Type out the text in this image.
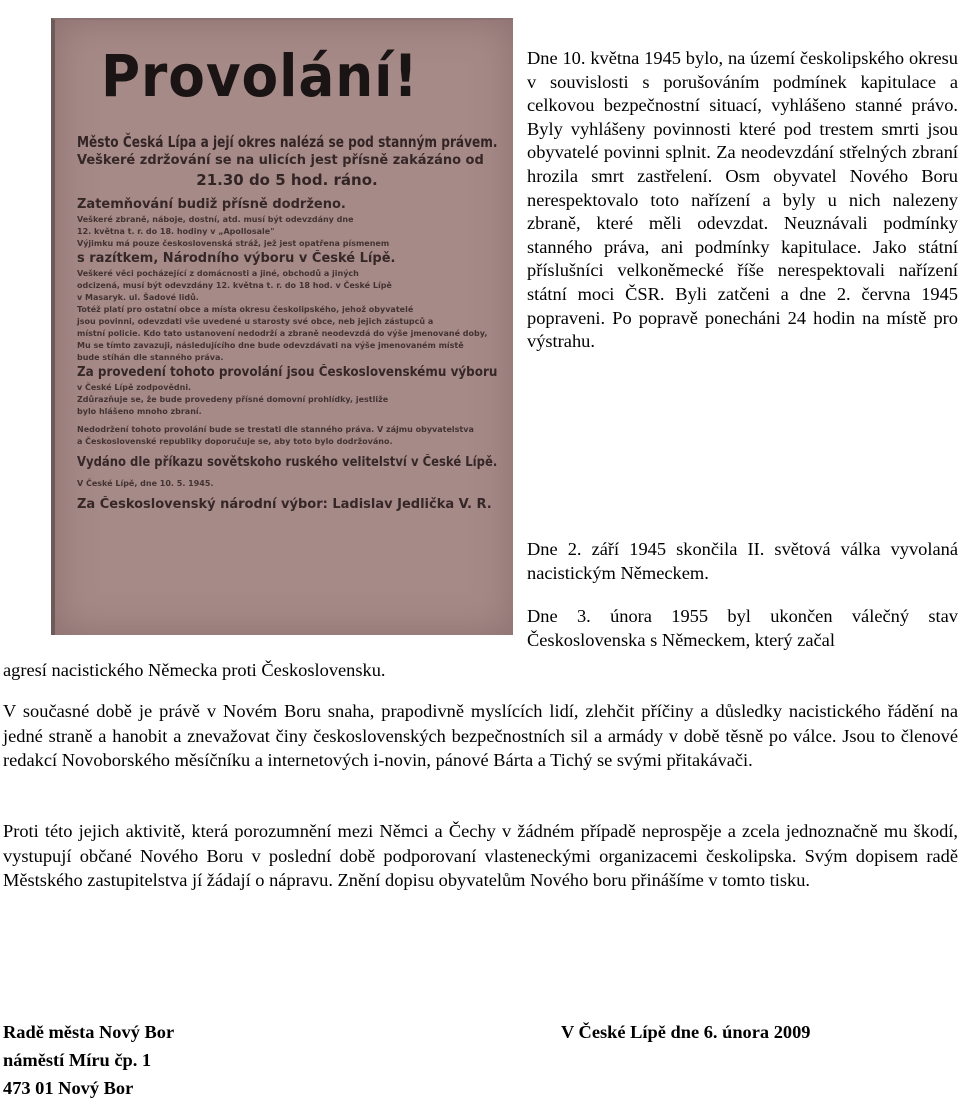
Provolání!
Město Česká Lípa a její okres nalézá se pod stanným právem.
Veškeré zdržování se na ulicích jest přísně zakázáno od
21.30 do 5 hod. ráno.
Zatemňování budiž přísně dodrženo.
Veškeré zbraně, náboje, dostní, atd. musí být odevzdány dne
12. května t. r. do 18. hodiny v „Apollosale"
Výjimku má pouze československá stráž, jež jest opatřena písmenem
s razítkem, Národního výboru v České Lípě.
Veškeré věci pocházející z domácnosti a jiné, obchodů a jiných
odcizená, musí být odevzdány 12. května t. r. do 18 hod. v České Lípě
v Masaryk. ul. Šadové lidů.
Totéž platí pro ostatní obce a místa okresu českolipského, jehož obyvatelé
jsou povinni, odevzdati vše uvedené u starosty své obce, neb jejich zástupců a
místní policie. Kdo tato ustanovení nedodrží a zbraně neodevzdá do výše jmenované doby,
Mu se tímto zavazuji, následujícího dne bude odevzdávati na výše jmenovaném místě
bude stíhán dle stanného práva.
Za provedení tohoto provolání jsou Československému výboru
v České Lípě zodpovědni.
Zdůrazňuje se, že bude provedeny přísné domovní prohlídky, jestliže
bylo hlášeno mnoho zbraní.
Nedodržení tohoto provolání bude se trestati dle stanného práva. V zájmu obyvatelstva
a Československé republiky doporučuje se, aby toto bylo dodržováno.
Vydáno dle příkazu sovětskoho ruského velitelství v České Lípě.
V České Lípě, dne 10. 5. 1945.
Za Československý národní výbor: Ladislav Jedlička V. R.

Dne 10. května 1945 bylo, na území českolipského okresu v souvislosti s porušováním podmínek kapitulace a celkovou bezpečnostní situací, vyhlášeno stanné právo. Byly vyhlášeny povinnosti které pod trestem smrti jsou obyvatelé povinni splnit. Za neodevzdání střelných zbraní hrozila smrt zastřelení. Osm obyvatel Nového Boru nerespektovalo toto nařízení a byly u nich nalezeny zbraně, které měli odevzdat. Neuznávali podmínky stanného práva, ani podmínky kapitulace. Jako státní příslušníci velkoněmecké říše nerespektovali nařízení státní moci ČSR. Byli zatčeni a dne 2. června 1945 popraveni. Po popravě ponecháni 24 hodin na místě pro výstrahu.

Dne 2. září 1945 skončila II. světová válka vyvolaná nacistickým Německem.

Dne 3. února 1955 byl ukončen válečný stav Československa s Německem, který začal

agresí nacistického Německa proti Československu.

V současné době je právě v Novém Boru snaha, prapodivně myslících lidí, zlehčit příčiny a důsledky nacistického řádění na jedné straně a hanobit a znevažovat činy československých bezpečnostních sil a armády v době těsně po válce. Jsou to členové redakcí Novoborského měsíčníku a internetových i-novin, pánové Bárta a Tichý se svými přitakávači.

Proti této jejich aktivitě, která porozumnění mezi Němci a Čechy v žádném případě neprospěje a zcela jednoznačně mu škodí, vystupují občané Nového Boru v poslední době podporovaní vlasteneckými organizacemi českolipska. Svým dopisem radě Městského zastupitelstva jí žádají o nápravu. Znění dopisu obyvatelům Nového boru přinášíme v tomto tisku.

Radě města Nový Bor
náměstí Míru čp. 1
473 01 Nový Bor

V České Lípě dne 6. února 2009
